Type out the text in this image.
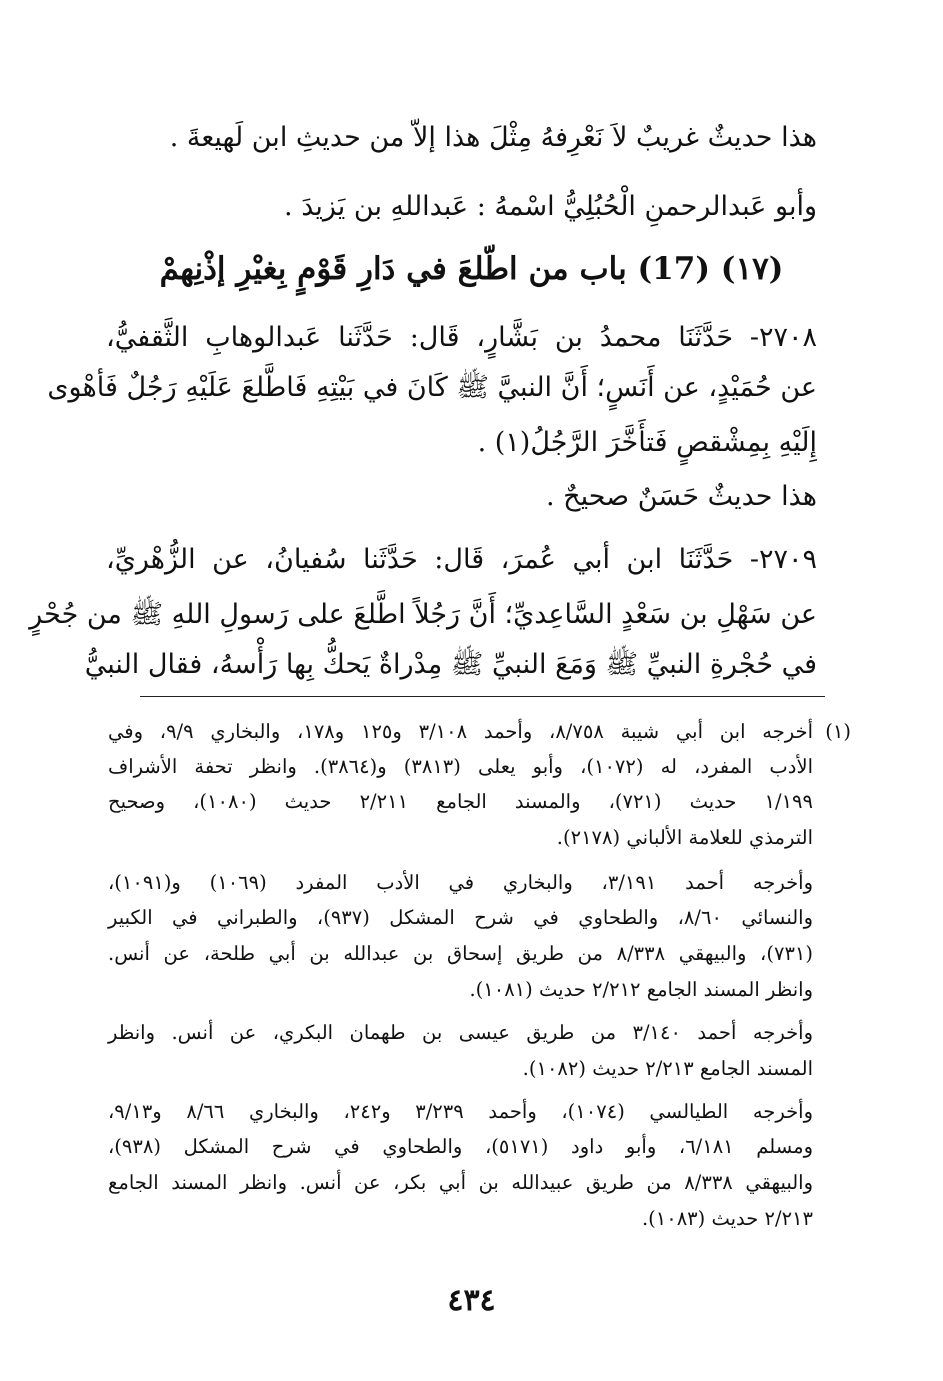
هذا حديثٌ غريبٌ لاَ نَعْرِفهُ مِثْلَ هذا إلاّ من حديثِ ابن لَهيعةَ .
وأبو عَبدالرحمنِ الْحُبُلِيُّ اسْمهُ : عَبداللهِ بن يَزيدَ .
(١٧) (17) باب من اطّلعَ في دَارِ قَوْمٍ بِغيْرِ إذْنِهمْ
٢٧٠٨- حَدَّثَنَا محمدُ بن بَشَّارٍ، قَال: حَدَّثَنا عَبدالوهابِ الثَّقفيُّ،
عن حُمَيْدٍ، عن أَنَسٍ؛ أَنَّ النبيَّ ﷺ كَانَ في بَيْتِهِ فَاطَّلعَ عَلَيْهِ رَجُلٌ فَأهْوى
إِلَيْهِ بِمِشْقصٍ فَتأَخَّرَ الرَّجُلُ(١) .
هذا حديثٌ حَسَنٌ صحيحٌ .
٢٧٠٩- حَدَّثَنَا ابن أبي عُمرَ، قَال: حَدَّثَنا سُفيانُ، عن الزُّهْريِّ،
عن سَهْلِ بن سَعْدٍ السَّاعِديِّ؛ أَنَّ رَجُلاً اطَّلعَ على رَسولِ اللهِ ﷺ من جُحْرٍ
في حُجْرةِ النبيِّ ﷺ وَمَعَ النبيِّ ﷺ مِدْراةٌ يَحكُّ بِها رَأْسهُ، فقال النبيُّ
(١)
أخرجه ابن أبي شيبة ٨/٧٥٨، وأحمد ٣/١٠٨ و١٢٥ و١٧٨، والبخاري ٩/٩، وفي
الأدب المفرد، له (١٠٧٢)، وأبو يعلى (٣٨١٣) و(٣٨٦٤). وانظر تحفة الأشراف
١/١٩٩ حديث (٧٢١)، والمسند الجامع ٢/٢١١ حديث (١٠٨٠)، وصحيح
الترمذي للعلامة الألباني (٢١٧٨).
وأخرجه أحمد ٣/١٩١، والبخاري في الأدب المفرد (١٠٦٩) و(١٠٩١)،
والنسائي ٨/٦٠، والطحاوي في شرح المشكل (٩٣٧)، والطبراني في الكبير
(٧٣١)، والبيهقي ٨/٣٣٨ من طريق إسحاق بن عبدالله بن أبي طلحة، عن أنس.
وانظر المسند الجامع ٢/٢١٢ حديث (١٠٨١).
وأخرجه أحمد ٣/١٤٠ من طريق عيسى بن طهمان البكري، عن أنس. وانظر
المسند الجامع ٢/٢١٣ حديث (١٠٨٢).
وأخرجه الطيالسي (١٠٧٤)، وأحمد ٣/٢٣٩ و٢٤٢، والبخاري ٨/٦٦ و٩/١٣،
ومسلم ٦/١٨١، وأبو داود (٥١٧١)، والطحاوي في شرح المشكل (٩٣٨)،
والبيهقي ٨/٣٣٨ من طريق عبيدالله بن أبي بكر، عن أنس. وانظر المسند الجامع
٢/٢١٣ حديث (١٠٨٣).
٤٣٤
